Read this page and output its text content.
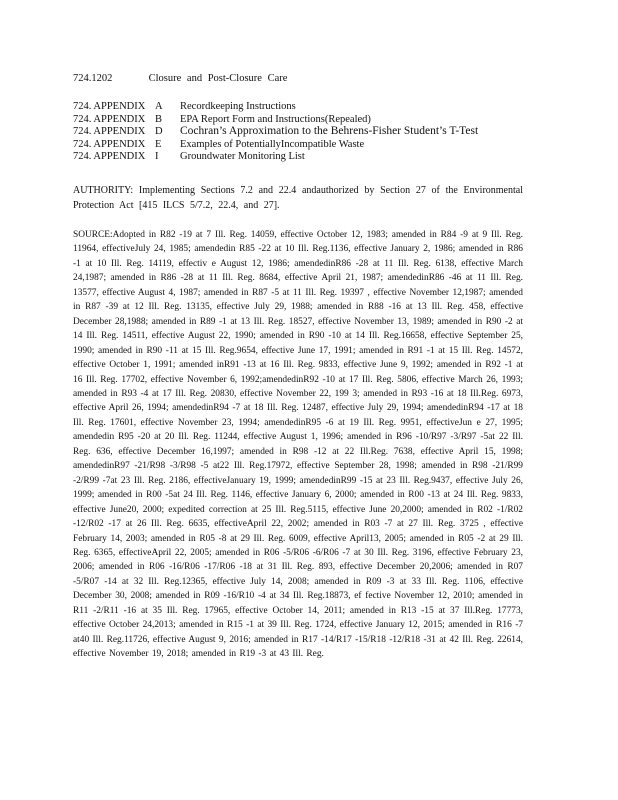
724.1202	Closure and Post-Closure Care
724. APPENDIX A Recordkeeping Instructions
724. APPENDIX B EPA Report Form and Instructions(Repealed)
724. APPENDIX D Cochran’s Approximation to the Behrens-Fisher Student’s T-Test
724. APPENDIX E Examples of PotentiallyIncompatible Waste
724. APPENDIX I Groundwater Monitoring List
AUTHORITY: Implementing Sections 7.2 and 22.4 andauthorized by Section 27 of the Environmental Protection Act [415 ILCS 5/7.2, 22.4, and 27].
SOURCE:Adopted in R82 -19 at 7 Ill. Reg. 14059, effective October 12, 1983; amended in R84 -9 at 9 Ill. Reg. 11964, effectiveJuly 24, 1985; amendedin R85 -22 at 10 Ill. Reg.1136, effective January 2, 1986; amended in R86 -1 at 10 Ill. Reg. 14119, effectiv e August 12, 1986; amendedinR86 -28 at 11 Ill. Reg. 6138, effective March 24,1987; amended in R86 -28 at 11 Ill. Reg. 8684, effective April 21, 1987; amendedinR86 -46 at 11 Ill. Reg. 13577, effective August 4, 1987; amended in R87 -5 at 11 Ill. Reg. 19397 , effective November 12,1987; amended in R87 -39 at 12 Ill. Reg. 13135, effective July 29, 1988; amended in R88 -16 at 13 Ill. Reg. 458, effective December 28,1988; amended in R89 -1 at 13 Ill. Reg. 18527, effective November 13, 1989; amended in R90 -2 at 14 Ill. Reg. 14511, effective August 22, 1990; amended in R90 -10 at 14 Ill. Reg.16658, effective September 25, 1990; amended in R90 -11 at 15 Ill. Reg.9654, effective June 17, 1991; amended in R91 -1 at 15 Ill. Reg. 14572, effective October 1, 1991; amended inR91 -13 at 16 Ill. Reg. 9833, effective June 9, 1992; amended in R92 -1 at 16 Ill. Reg. 17702, effective November 6, 1992;amendedinR92 -10 at 17 Ill. Reg. 5806, effective March 26, 1993; amended in R93 -4 at 17 Ill. Reg. 20830, effective November 22, 199 3; amended in R93 -16 at 18 Ill.Reg. 6973, effective April 26, 1994; amendedinR94 -7 at 18 Ill. Reg. 12487, effective July 29, 1994; amendedinR94 -17 at 18 Ill. Reg. 17601, effective November 23, 1994; amendedinR95 -6 at 19 Ill. Reg. 9951, effectiveJun e 27, 1995; amendedin R95 -20 at 20 Ill. Reg. 11244, effective August 1, 1996; amended in R96 -10/R97 -3/R97 -5at 22 Ill. Reg. 636, effective December 16,1997; amended in R98 -12 at 22 Ill.Reg. 7638, effective April 15, 1998; amendedinR97 -21/R98 -3/R98 -5 at22 Ill. Reg.17972, effective September 28, 1998; amended in R98 -21/R99 -2/R99 -7at 23 Ill. Reg. 2186, effectiveJanuary 19, 1999; amendedinR99 -15 at 23 Ill. Reg.9437, effective July 26, 1999; amended in R00 -5at 24 Ill. Reg. 1146, effective January 6, 2000; amended in R00 -13 at 24 Ill. Reg. 9833, effective June20, 2000; expedited correction at 25 Ill. Reg.5115, effective June 20,2000; amended in R02 -1/R02 -12/R02 -17 at 26 Ill. Reg. 6635, effectiveApril 22, 2002; amended in R03 -7 at 27 Ill. Reg. 3725 , effective February 14, 2003; amended in R05 -8 at 29 Ill. Reg. 6009, effective April13, 2005; amended in R05 -2 at 29 Ill. Reg. 6365, effectiveApril 22, 2005; amended in R06 -5/R06 -6/R06 -7 at 30 Ill. Reg. 3196, effective February 23, 2006; amended in R06 -16/R06 -17/R06 -18 at 31 Ill. Reg. 893, effective December 20,2006; amended in R07 -5/R07 -14 at 32 Ill. Reg.12365, effective July 14, 2008; amended in R09 -3 at 33 Ill. Reg. 1106, effective December 30, 2008; amended in R09 -16/R10 -4 at 34 Ill. Reg.18873, ef fective November 12, 2010; amended in R11 -2/R11 -16 at 35 Ill. Reg. 17965, effective October 14, 2011; amended in R13 -15 at 37 Ill.Reg. 17773, effective October 24,2013; amended in R15 -1 at 39 Ill. Reg. 1724, effective January 12, 2015; amended in R16 -7 at40 Ill. Reg.11726, effective August 9, 2016; amended in R17 -14/R17 -15/R18 -12/R18 -31 at 42 Ill. Reg. 22614, effective November 19, 2018; amended in R19 -3 at 43 Ill. Reg.
